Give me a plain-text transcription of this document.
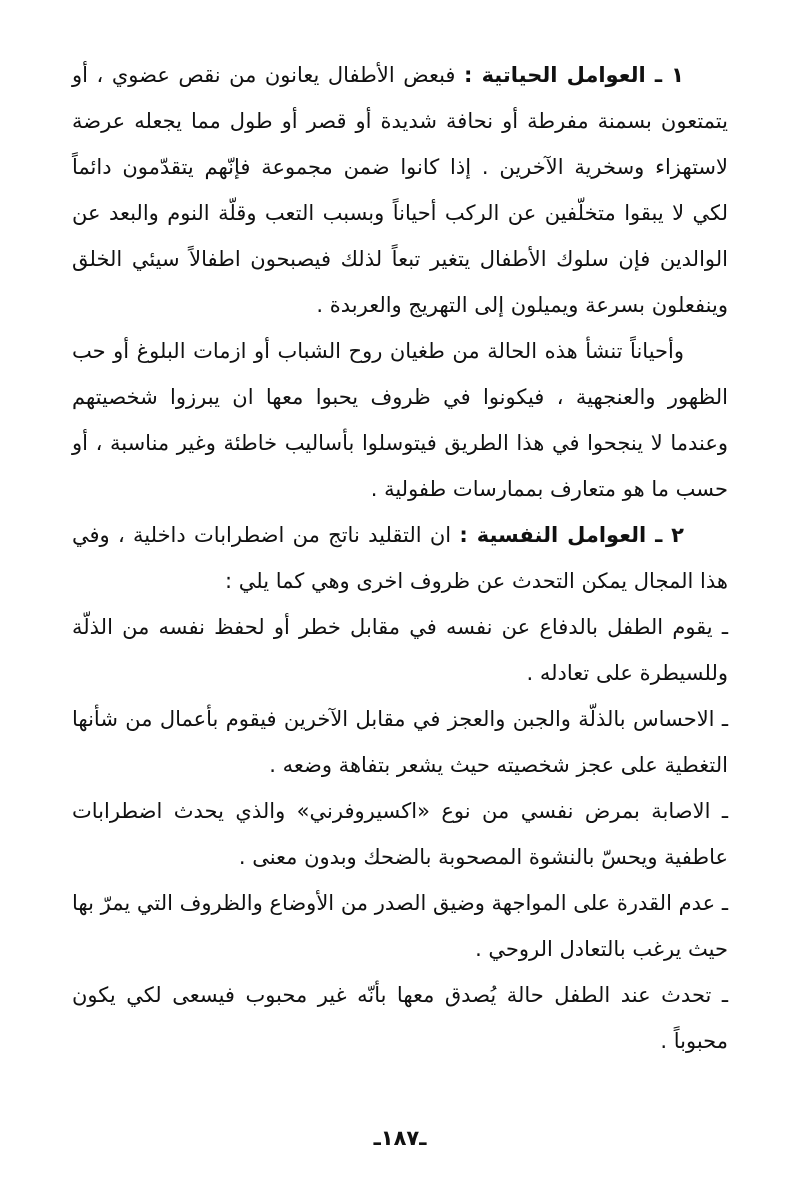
١ ـ العوامل الحياتية : فبعض الأطفال يعانون من نقص عضوي ، أو يتمتعون بسمنة مفرطة أو نحافة شديدة أو قصر أو طول مما يجعله عرضة لاستهزاء وسخرية الآخرين . إذا كانوا ضمن مجموعة فإنّهم يتقدّمون دائماً لكي لا يبقوا متخلّفين عن الركب أحياناً وبسبب التعب وقلّة النوم والبعد عن الوالدين فإن سلوك الأطفال يتغير تبعاً لذلك فيصبحون اطفالاً سيئي الخلق وينفعلون بسرعة ويميلون إلى التهريج والعربدة .

وأحياناً تنشأ هذه الحالة من طغيان روح الشباب أو ازمات البلوغ أو حب الظهور والعنجهية ، فيكونوا في ظروف يحبوا معها ان يبرزوا شخصيتهم وعندما لا ينجحوا في هذا الطريق فيتوسلوا بأساليب خاطئة وغير مناسبة ، أو حسب ما هو متعارف بممارسات طفولية .

٢ ـ العوامل النفسية : ان التقليد ناتج من اضطرابات داخلية ، وفي هذا المجال يمكن التحدث عن ظروف اخرى وهي كما يلي :

ـ يقوم الطفل بالدفاع عن نفسه في مقابل خطر أو لحفظ نفسه من الذلّة وللسيطرة على تعادله .

ـ الاحساس بالذلّة والجبن والعجز في مقابل الآخرين فيقوم بأعمال من شأنها التغطية على عجز شخصيته حيث يشعر بتفاهة وضعه .

ـ الاصابة بمرض نفسي من نوع «اكسيروفرني» والذي يحدث اضطرابات عاطفية ويحسّ بالنشوة المصحوبة بالضحك وبدون معنى .

ـ عدم القدرة على المواجهة وضيق الصدر من الأوضاع والظروف التي يمرّ بها حيث يرغب بالتعادل الروحي .

ـ تحدث عند الطفل حالة يُصدق معها بأنّه غير محبوب فيسعى لكي يكون محبوباً .

ـ١٨٧ـ
